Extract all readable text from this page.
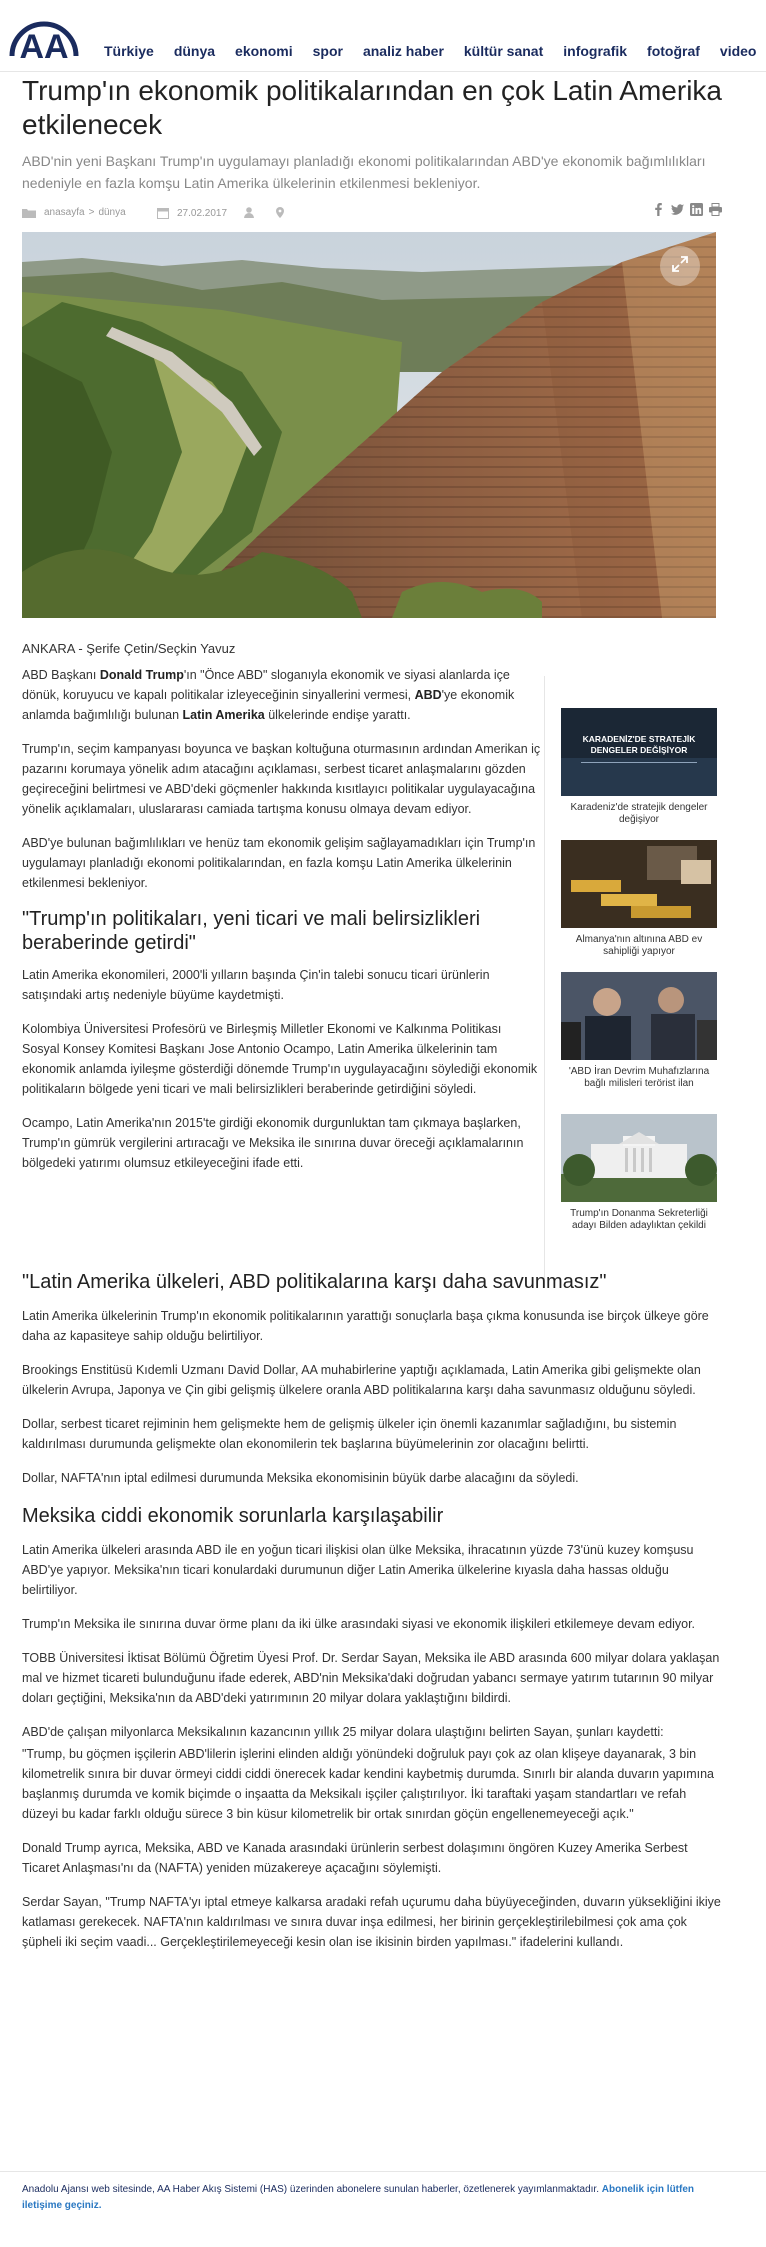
AA	Türkiye dünya ekonomi spor analiz haber kültür sanat infografik fotoğraf video
Trump'ın ekonomik politikalarından en çok Latin Amerika etkilenecek

ABD'nin yeni Başkanı Trump'ın uygulamayı planladığı ekonomi politikalarından ABD'ye ekonomik bağımlılıkları nedeniyle en fazla komşu Latin Amerika ülkelerinin etkilenmesi bekleniyor.

anasayfa > dünya	27.02.2017
ANKARA - Şerife Çetin/Seçkin Yavuz

ABD Başkanı Donald Trump'ın "Önce ABD" sloganıyla ekonomik ve siyasi alanlarda içe dönük, koruyucu ve kapalı politikalar izleyeceğinin sinyallerini vermesi, ABD'ye ekonomik anlamda bağımlılığı bulunan Latin Amerika ülkelerinde endişe yarattı.

Trump'ın, seçim kampanyası boyunca ve başkan koltuğuna oturmasının ardından Amerikan iç pazarını korumaya yönelik adım atacağını açıklaması, serbest ticaret anlaşmalarını gözden geçireceğini belirtmesi ve ABD'deki göçmenler hakkında kısıtlayıcı politikalar uygulayacağına yönelik açıklamaları, uluslararası camiada tartışma konusu olmaya devam ediyor.

ABD'ye bulunan bağımlılıkları ve henüz tam ekonomik gelişim sağlayamadıkları için Trump'ın uygulamayı planladığı ekonomi politikalarından, en fazla komşu Latin Amerika ülkelerinin etkilenmesi bekleniyor.

"Trump'ın politikaları, yeni ticari ve mali belirsizlikleri beraberinde getirdi"

Latin Amerika ekonomileri, 2000'li yılların başında Çin'in talebi sonucu ticari ürünlerin satışındaki artış nedeniyle büyüme kaydetmişti.

Kolombiya Üniversitesi Profesörü ve Birleşmiş Milletler Ekonomi ve Kalkınma Politikası Sosyal Konsey Komitesi Başkanı Jose Antonio Ocampo, Latin Amerika ülkelerinin tam ekonomik anlamda iyileşme gösterdiği dönemde Trump'ın uygulayacağını söylediği ekonomik politikaların bölgede yeni ticari ve mali belirsizlikleri beraberinde getirdiğini söyledi.

Ocampo, Latin Amerika'nın 2015'te girdiği ekonomik durgunluktan tam çıkmaya başlarken, Trump'ın gümrük vergilerini artıracağı ve Meksika ile sınırına duvar öreceği açıklamalarının bölgedeki yatırımı olumsuz etkileyeceğini ifade etti.

KARADENİZ'DE STRATEJİK
DENGELER DEĞİŞİYOR
Karadeniz'de stratejik dengeler değişiyor
Almanya'nın altınına ABD ev sahipliği yapıyor
'ABD İran Devrim Muhafızlarına bağlı milisleri terörist ilan
Trump'ın Donanma Sekreterliği adayı Bilden adaylıktan çekildi
"Latin Amerika ülkeleri, ABD politikalarına karşı daha savunmasız"

Latin Amerika ülkelerinin Trump'ın ekonomik politikalarının yarattığı sonuçlarla başa çıkma konusunda ise birçok ülkeye göre daha az kapasiteye sahip olduğu belirtiliyor.

Brookings Enstitüsü Kıdemli Uzmanı David Dollar, AA muhabirlerine yaptığı açıklamada, Latin Amerika gibi gelişmekte olan ülkelerin Avrupa, Japonya ve Çin gibi gelişmiş ülkelere oranla ABD politikalarına karşı daha savunmasız olduğunu söyledi.

Dollar, serbest ticaret rejiminin hem gelişmekte hem de gelişmiş ülkeler için önemli kazanımlar sağladığını, bu sistemin kaldırılması durumunda gelişmekte olan ekonomilerin tek başlarına büyümelerinin zor olacağını belirtti.

Dollar, NAFTA'nın iptal edilmesi durumunda Meksika ekonomisinin büyük darbe alacağını da söyledi.

Meksika ciddi ekonomik sorunlarla karşılaşabilir

Latin Amerika ülkeleri arasında ABD ile en yoğun ticari ilişkisi olan ülke Meksika, ihracatının yüzde 73'ünü kuzey komşusu ABD'ye yapıyor. Meksika'nın ticari konulardaki durumunun diğer Latin Amerika ülkelerine kıyasla daha hassas olduğu belirtiliyor.

Trump'ın Meksika ile sınırına duvar örme planı da iki ülke arasındaki siyasi ve ekonomik ilişkileri etkilemeye devam ediyor.

TOBB Üniversitesi İktisat Bölümü Öğretim Üyesi Prof. Dr. Serdar Sayan, Meksika ile ABD arasında 600 milyar dolara yaklaşan mal ve hizmet ticareti bulunduğunu ifade ederek, ABD'nin Meksika'daki doğrudan yabancı sermaye yatırım tutarının 90 milyar doları geçtiğini, Meksika'nın da ABD'deki yatırımının 20 milyar dolara yaklaştığını bildirdi.

ABD'de çalışan milyonlarca Meksikalının kazancının yıllık 25 milyar dolara ulaştığını belirten Sayan, şunları kaydetti:

"Trump, bu göçmen işçilerin ABD'lilerin işlerini elinden aldığı yönündeki doğruluk payı çok az olan klişeye dayanarak, 3 bin kilometrelik sınıra bir duvar örmeyi ciddi ciddi önerecek kadar kendini kaybetmiş durumda. Sınırlı bir alanda duvarın yapımına başlanmış durumda ve komik biçimde o inşaatta da Meksikalı işçiler çalıştırılıyor. İki taraftaki yaşam standartları ve refah düzeyi bu kadar farklı olduğu sürece 3 bin küsur kilometrelik bir ortak sınırdan göçün engellenemeyeceği açık."

Donald Trump ayrıca, Meksika, ABD ve Kanada arasındaki ürünlerin serbest dolaşımını öngören Kuzey Amerika Serbest Ticaret Anlaşması'nı da (NAFTA) yeniden müzakereye açacağını söylemişti.

Serdar Sayan, "Trump NAFTA'yı iptal etmeye kalkarsa aradaki refah uçurumu daha büyüyeceğinden, duvarın yüksekliğini ikiye katlaması gerekecek. NAFTA'nın kaldırılması ve sınıra duvar inşa edilmesi, her birinin gerçekleştirilebilmesi çok ama çok şüpheli iki seçim vaadi... Gerçekleştirilemeyeceği kesin olan ise ikisinin birden yapılması." ifadelerini kullandı.

Anadolu Ajansı web sitesinde, AA Haber Akış Sistemi (HAS) üzerinden abonelere sunulan haberler, özetlenerek yayımlanmaktadır. Abonelik için lütfen iletişime geçiniz.
